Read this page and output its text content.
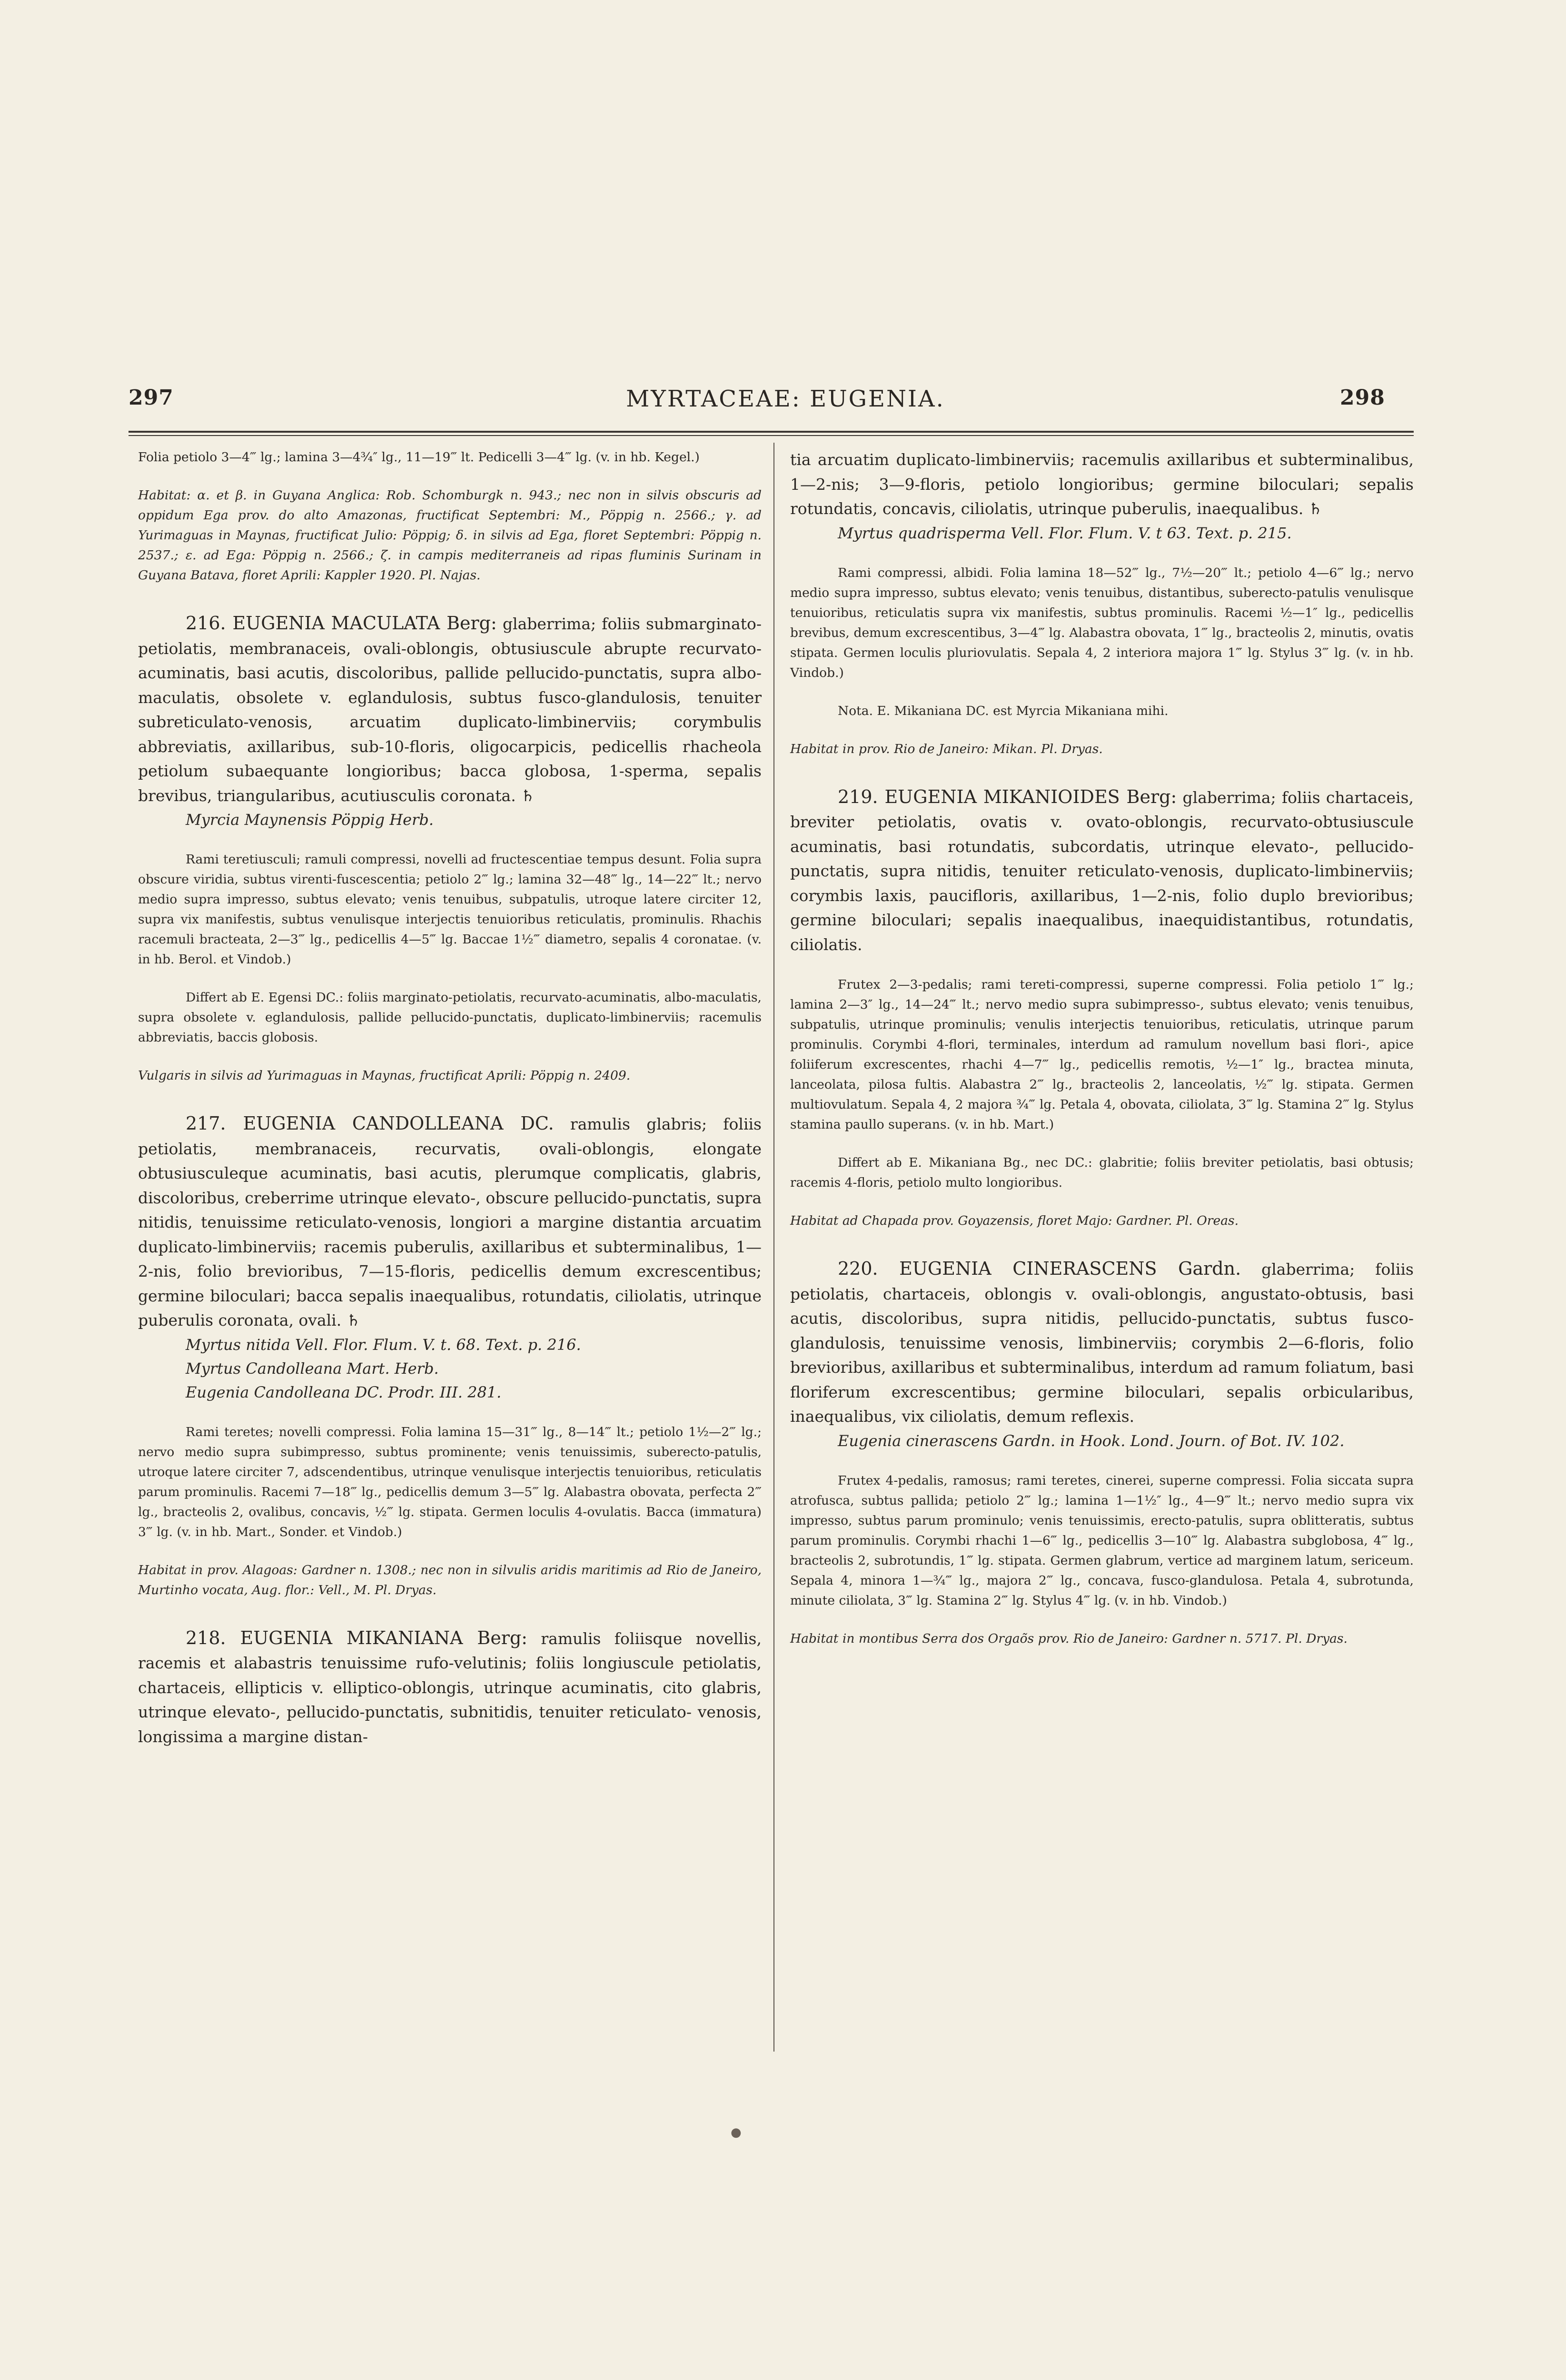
297	MYRTACEAE: EUGENIA.	298

Folia petiolo 3—4‴ lg.; lamina 3—4¾″ lg., 11—19‴ lt. Pedicelli 3—4‴ lg. (v. in hb. Kegel.)

Habitat: α. et β. in Guyana Anglica: Rob. Schomburgk n. 943.; nec non in silvis obscuris ad oppidum Ega prov. do alto Amazonas, fructificat Septembri: M., Pöppig n. 2566.; γ. ad Yurimaguas in Maynas, fructificat Julio: Pöppig; δ. in silvis ad Ega, floret Septembri: Pöppig n. 2537.; ε. ad Ega: Pöppig n. 2566.; ζ. in campis mediterraneis ad ripas fluminis Surinam in Guyana Batava, floret Aprili: Kappler 1920. Pl. Najas.

216. EUGENIA MACULATA Berg: glaberrima; foliis submarginato-petiolatis, membranaceis, ovali-oblongis, obtusiuscule abrupte recurvato-acuminatis, basi acutis, discoloribus, pallide pellucido-punctatis, supra albo-maculatis, obsolete v. eglandulosis, subtus fusco-glandulosis, tenuiter subreticulato-venosis, arcuatim duplicato-limbinerviis; corymbulis abbreviatis, axillaribus, sub-10-floris, oligocarpicis, pedicellis rhacheola petiolum subaequante longioribus; bacca globosa, 1-sperma, sepalis brevibus, triangularibus, acutiusculis coronata. ♄

Myrcia Maynensis Pöppig Herb.

Rami teretiusculi; ramuli compressi, novelli ad fructescentiae tempus desunt. Folia supra obscure viridia, subtus virenti-fuscescentia; petiolo 2‴ lg.; lamina 32—48‴ lg., 14—22‴ lt.; nervo medio supra impresso, subtus elevato; venis tenuibus, subpatulis, utroque latere circiter 12, supra vix manifestis, subtus venulisque interjectis tenuioribus reticulatis, prominulis. Rhachis racemuli bracteata, 2—3‴ lg., pedicellis 4—5‴ lg. Baccae 1½‴ diametro, sepalis 4 coronatae. (v. in hb. Berol. et Vindob.)

Differt ab E. Egensi DC.: foliis marginato-petiolatis, recurvato-acuminatis, albo-maculatis, supra obsolete v. eglandulosis, pallide pellucido-punctatis, duplicato-limbinerviis; racemulis abbreviatis, baccis globosis.

Vulgaris in silvis ad Yurimaguas in Maynas, fructificat Aprili: Pöppig n. 2409.

217. EUGENIA CANDOLLEANA DC. ramulis glabris; foliis petiolatis, membranaceis, recurvatis, ovali-oblongis, elongate obtusiusculeque acuminatis, basi acutis, plerumque complicatis, glabris, discoloribus, creberrime utrinque elevato-, obscure pellucido-punctatis, supra nitidis, tenuissime reticulato-venosis, longiori a margine distantia arcuatim duplicato-limbinerviis; racemis puberulis, axillaribus et subterminalibus, 1—2-nis, folio brevioribus, 7—15-floris, pedicellis demum excrescentibus; germine biloculari; bacca sepalis inaequalibus, rotundatis, ciliolatis, utrinque puberulis coronata, ovali. ♄

Myrtus nitida Vell. Flor. Flum. V. t. 68. Text. p. 216.

Myrtus Candolleana Mart. Herb.

Eugenia Candolleana DC. Prodr. III. 281.

Rami teretes; novelli compressi. Folia lamina 15—31‴ lg., 8—14‴ lt.; petiolo 1½—2‴ lg.; nervo medio supra subimpresso, subtus prominente; venis tenuissimis, suberecto-patulis, utroque latere circiter 7, adscendentibus, utrinque venulisque interjectis tenuioribus, reticulatis parum prominulis. Racemi 7—18‴ lg., pedicellis demum 3—5‴ lg. Alabastra obovata, perfecta 2‴ lg., bracteolis 2, ovalibus, concavis, ½‴ lg. stipata. Germen loculis 4-ovulatis. Bacca (immatura) 3‴ lg. (v. in hb. Mart., Sonder. et Vindob.)

Habitat in prov. Alagoas: Gardner n. 1308.; nec non in silvulis aridis maritimis ad Rio de Janeiro, Murtinho vocata, Aug. flor.: Vell., M. Pl. Dryas.

218. EUGENIA MIKANIANA Berg: ramulis foliisque novellis, racemis et alabastris tenuissime rufo-velutinis; foliis longiuscule petiolatis, chartaceis, ellipticis v. elliptico-oblongis, utrinque acuminatis, cito glabris, utrinque elevato-, pellucido-punctatis, subnitidis, tenuiter reticulato- venosis, longissima a margine distan-

tia arcuatim duplicato-limbinerviis; racemulis axillaribus et subterminalibus, 1—2-nis; 3—9-floris, petiolo longioribus; germine biloculari; sepalis rotundatis, concavis, ciliolatis, utrinque puberulis, inaequalibus. ♄

Myrtus quadrisperma Vell. Flor. Flum. V. t 63. Text. p. 215.

Rami compressi, albidi. Folia lamina 18—52‴ lg., 7½—20‴ lt.; petiolo 4—6‴ lg.; nervo medio supra impresso, subtus elevato; venis tenuibus, distantibus, suberecto-patulis venulisque tenuioribus, reticulatis supra vix manifestis, subtus prominulis. Racemi ½—1″ lg., pedicellis brevibus, demum excrescentibus, 3—4‴ lg. Alabastra obovata, 1‴ lg., bracteolis 2, minutis, ovatis stipata. Germen loculis pluriovulatis. Sepala 4, 2 interiora majora 1‴ lg. Stylus 3‴ lg. (v. in hb. Vindob.)

Nota. E. Mikaniana DC. est Myrcia Mikaniana mihi.

Habitat in prov. Rio de Janeiro: Mikan. Pl. Dryas.

219. EUGENIA MIKANIOIDES Berg: glaberrima; foliis chartaceis, breviter petiolatis, ovatis v. ovato-oblongis, recurvato-obtusiuscule acuminatis, basi rotundatis, subcordatis, utrinque elevato-, pellucido-punctatis, supra nitidis, tenuiter reticulato-venosis, duplicato-limbinerviis; corymbis laxis, paucifloris, axillaribus, 1—2-nis, folio duplo brevioribus; germine biloculari; sepalis inaequalibus, inaequidistantibus, rotundatis, ciliolatis.

Frutex 2—3-pedalis; rami tereti-compressi, superne compressi. Folia petiolo 1‴ lg.; lamina 2—3″ lg., 14—24‴ lt.; nervo medio supra subimpresso-, subtus elevato; venis tenuibus, subpatulis, utrinque prominulis; venulis interjectis tenuioribus, reticulatis, utrinque parum prominulis. Corymbi 4-flori, terminales, interdum ad ramulum novellum basi flori-, apice foliiferum excrescentes, rhachi 4—7‴ lg., pedicellis remotis, ½—1″ lg., bractea minuta, lanceolata, pilosa fultis. Alabastra 2‴ lg., bracteolis 2, lanceolatis, ½‴ lg. stipata. Germen multiovulatum. Sepala 4, 2 majora ¾‴ lg. Petala 4, obovata, ciliolata, 3‴ lg. Stamina 2‴ lg. Stylus stamina paullo superans. (v. in hb. Mart.)

Differt ab E. Mikaniana Bg., nec DC.: glabritie; foliis breviter petiolatis, basi obtusis; racemis 4-floris, petiolo multo longioribus.

Habitat ad Chapada prov. Goyazensis, floret Majo: Gardner. Pl. Oreas.

220. EUGENIA CINERASCENS Gardn. glaberrima; foliis petiolatis, chartaceis, oblongis v. ovali-oblongis, angustato-obtusis, basi acutis, discoloribus, supra nitidis, pellucido-punctatis, subtus fusco-glandulosis, tenuissime venosis, limbinerviis; corymbis 2—6-floris, folio brevioribus, axillaribus et subterminalibus, interdum ad ramum foliatum, basi floriferum excrescentibus; germine biloculari, sepalis orbicularibus, inaequalibus, vix ciliolatis, demum reflexis.

Eugenia cinerascens Gardn. in Hook. Lond. Journ. of Bot. IV. 102.

Frutex 4-pedalis, ramosus; rami teretes, cinerei, superne compressi. Folia siccata supra atrofusca, subtus pallida; petiolo 2‴ lg.; lamina 1—1½″ lg., 4—9‴ lt.; nervo medio supra vix impresso, subtus parum prominulo; venis tenuissimis, erecto-patulis, supra oblitteratis, subtus parum prominulis. Corymbi rhachi 1—6‴ lg., pedicellis 3—10‴ lg. Alabastra subglobosa, 4‴ lg., bracteolis 2, subrotundis, 1‴ lg. stipata. Germen glabrum, vertice ad marginem latum, sericeum. Sepala 4, minora 1—¾‴ lg., majora 2‴ lg., concava, fusco-glandulosa. Petala 4, subrotunda, minute ciliolata, 3‴ lg. Stamina 2‴ lg. Stylus 4‴ lg. (v. in hb. Vindob.)

Habitat in montibus Serra dos Orgaõs prov. Rio de Janeiro: Gardner n. 5717. Pl. Dryas.

●
